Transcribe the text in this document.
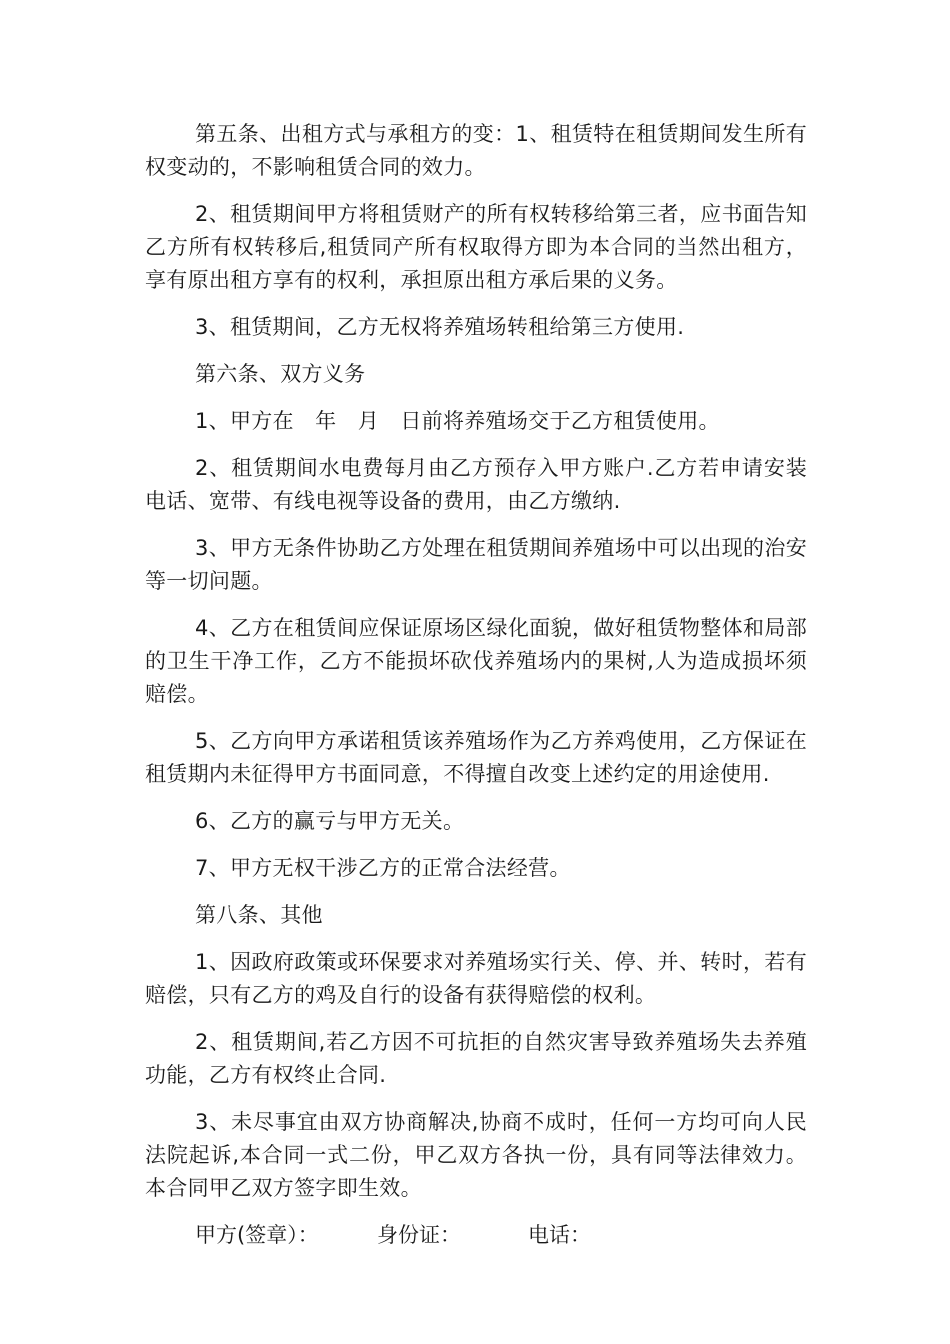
第五条、出租方式与承租方的变：1、租赁特在租赁期间发生所有权变动的，不影响租赁合同的效力。

2、租赁期间甲方将租赁财产的所有权转移给第三者，应书面告知乙方所有权转移后,租赁同产所有权取得方即为本合同的当然出租方，享有原出租方享有的权利，承担原出租方承后果的义务。

3、租赁期间，乙方无权将养殖场转租给第三方使用.

第六条、双方义务

1、甲方在　年　月　日前将养殖场交于乙方租赁使用。

2、租赁期间水电费每月由乙方预存入甲方账户.乙方若申请安装电话、宽带、有线电视等设备的费用，由乙方缴纳.

3、甲方无条件协助乙方处理在租赁期间养殖场中可以出现的治安等一切问题。

4、乙方在租赁间应保证原场区绿化面貌，做好租赁物整体和局部的卫生干净工作，乙方不能损坏砍伐养殖场内的果树,人为造成损坏须赔偿。

5、乙方向甲方承诺租赁该养殖场作为乙方养鸡使用，乙方保证在租赁期内未征得甲方书面同意，不得擅自改变上述约定的用途使用.

6、乙方的赢亏与甲方无关。

7、甲方无权干涉乙方的正常合法经营。

第八条、其他

1、因政府政策或环保要求对养殖场实行关、停、并、转时，若有赔偿，只有乙方的鸡及自行的设备有获得赔偿的权利。

2、租赁期间,若乙方因不可抗拒的自然灾害导致养殖场失去养殖功能，乙方有权终止合同.

3、未尽事宜由双方协商解决,协商不成时，任何一方均可向人民法院起诉,本合同一式二份，甲乙双方各执一份，具有同等法律效力。本合同甲乙双方签字即生效。

甲方(签章）：	身份证：	电话：
